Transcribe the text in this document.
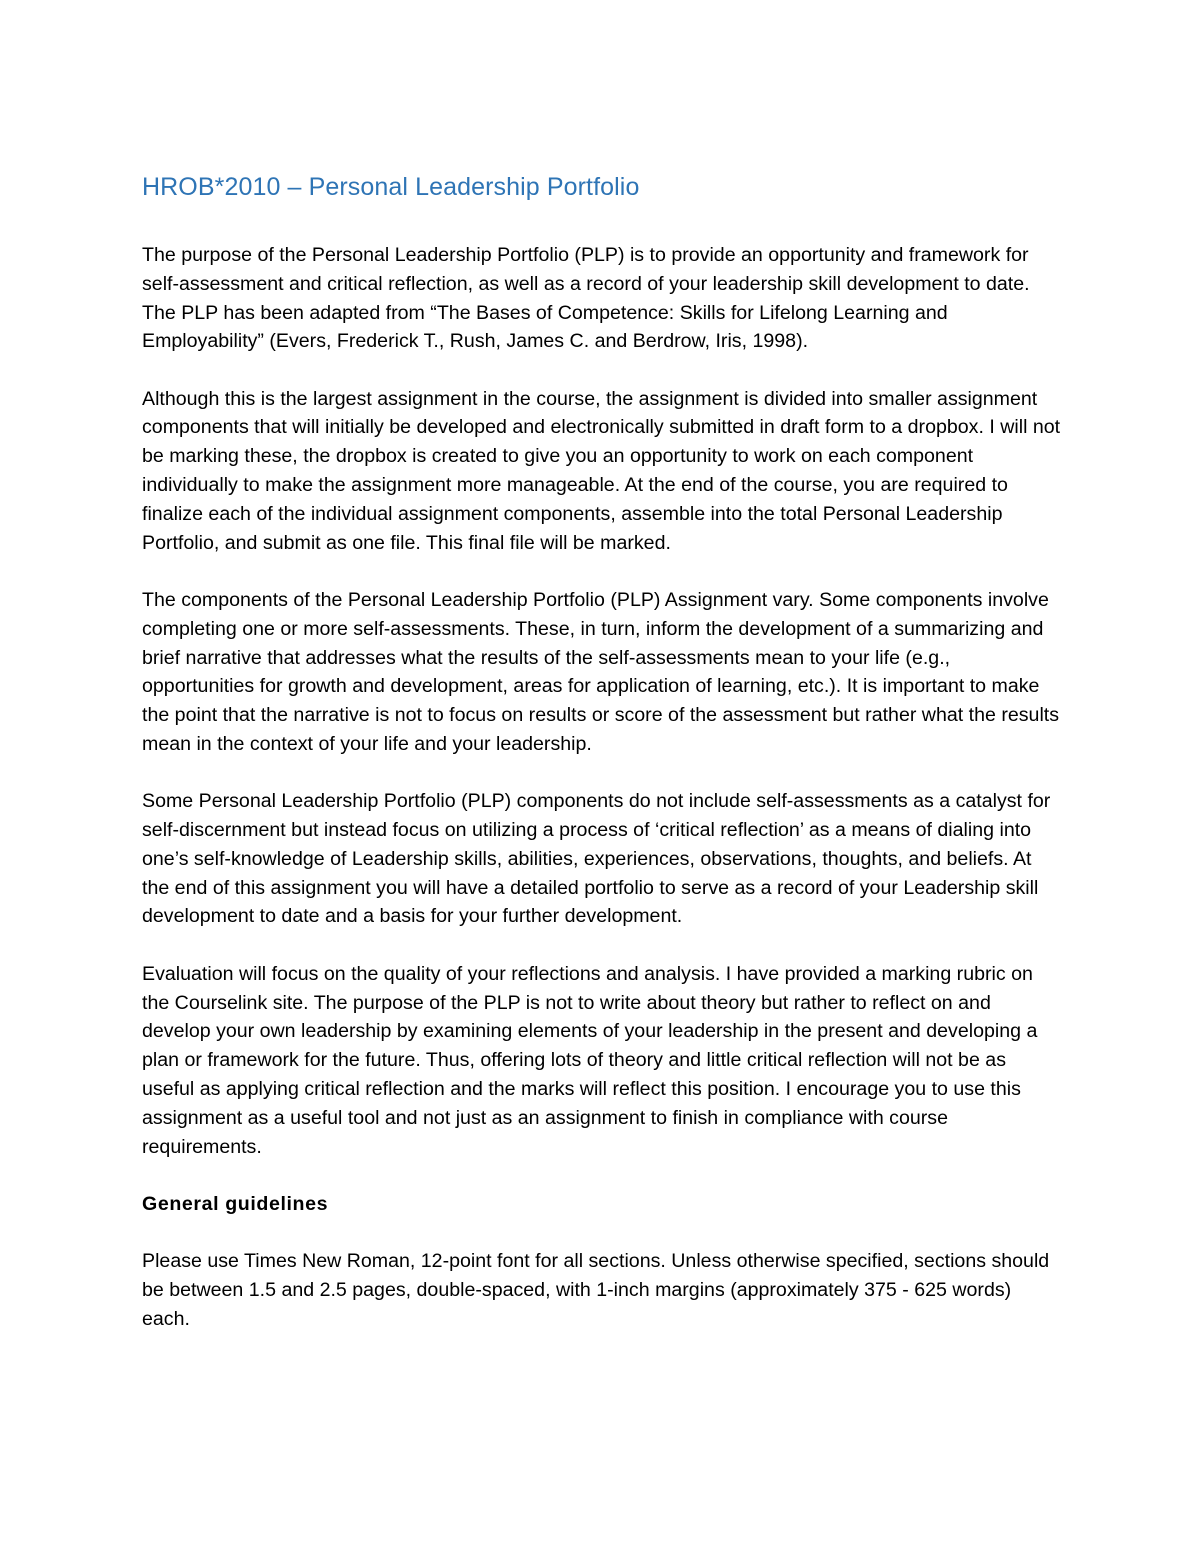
HROB*2010 – Personal Leadership Portfolio

The purpose of the Personal Leadership Portfolio (PLP) is to provide an opportunity and framework for self-assessment and critical reflection, as well as a record of your leadership skill development to date. The PLP has been adapted from “The Bases of Competence: Skills for Lifelong Learning and Employability” (Evers, Frederick T., Rush, James C. and Berdrow, Iris, 1998).

Although this is the largest assignment in the course, the assignment is divided into smaller assignment components that will initially be developed and electronically submitted in draft form to a dropbox. I will not be marking these, the dropbox is created to give you an opportunity to work on each component individually to make the assignment more manageable. At the end of the course, you are required to finalize each of the individual assignment components, assemble into the total Personal Leadership Portfolio, and submit as one file. This final file will be marked.

The components of the Personal Leadership Portfolio (PLP) Assignment vary. Some components involve completing one or more self-assessments. These, in turn, inform the development of a summarizing and brief narrative that addresses what the results of the self-assessments mean to your life (e.g., opportunities for growth and development, areas for application of learning, etc.). It is important to make the point that the narrative is not to focus on results or score of the assessment but rather what the results mean in the context of your life and your leadership.

Some Personal Leadership Portfolio (PLP) components do not include self-assessments as a catalyst for self-discernment but instead focus on utilizing a process of ‘critical reflection’ as a means of dialing into one’s self-knowledge of Leadership skills, abilities, experiences, observations, thoughts, and beliefs. At the end of this assignment you will have a detailed portfolio to serve as a record of your Leadership skill development to date and a basis for your further development.

Evaluation will focus on the quality of your reflections and analysis. I have provided a marking rubric on the Courselink site. The purpose of the PLP is not to write about theory but rather to reflect on and develop your own leadership by examining elements of your leadership in the present and developing a plan or framework for the future. Thus, offering lots of theory and little critical reflection will not be as useful as applying critical reflection and the marks will reflect this position. I encourage you to use this assignment as a useful tool and not just as an assignment to finish in compliance with course requirements.

General guidelines

Please use Times New Roman, 12-point font for all sections. Unless otherwise specified, sections should be between 1.5 and 2.5 pages, double-spaced, with 1-inch margins (approximately 375 - 625 words) each.
